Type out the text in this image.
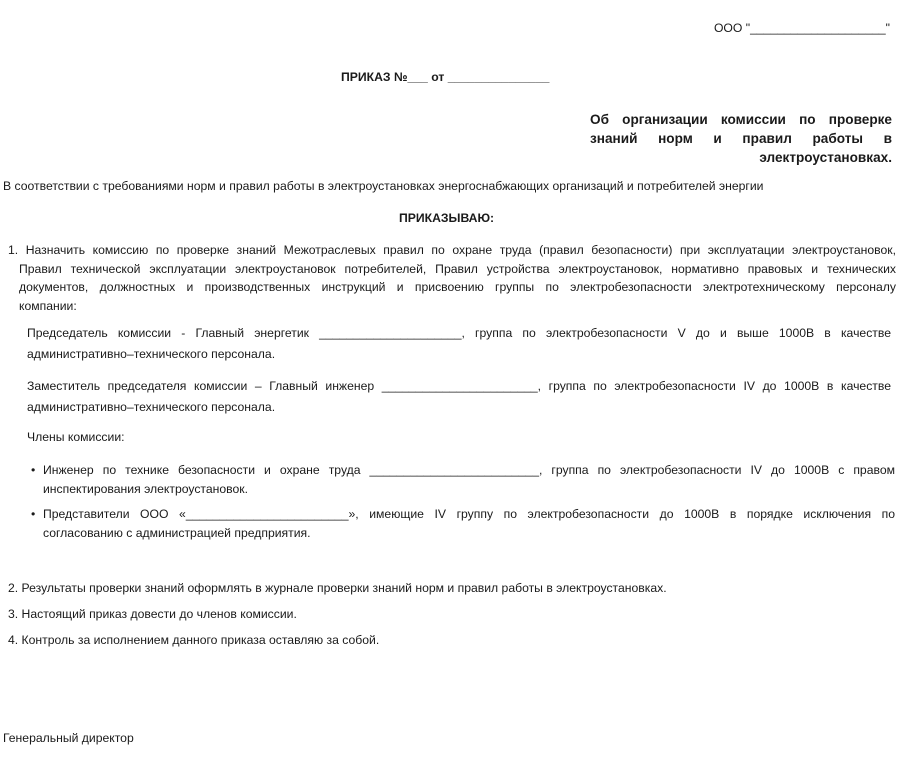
ООО "____________________"
ПРИКАЗ №___ от _______________
Об организации комиссии по проверке
знаний норм и правил работы в
электроустановках.
В соответствии с требованиями норм и правил работы в электроустановках энергоснабжающих организаций и потребителей энергии
ПРИКАЗЫВАЮ:
1. Назначить комиссию по проверке знаний Межотраслевых правил по охране труда (правил безопасности) при эксплуатации электроустановок,
Правил технической эксплуатации электроустановок потребителей, Правил устройства электроустановок, нормативно правовых и технических
документов, должностных и производственных инструкций и присвоению группы по электробезопасности электротехническому персоналу
компании:
Председатель комиссии - Главный энергетик _____________________, группа по электробезопасности V до и выше 1000В в качестве
административно–технического персонала.
Заместитель председателя комиссии – Главный инженер _______________________, группа по электробезопасности IV до 1000В в качестве
административно–технического персонала.
Члены комиссии:
• Инженер по технике безопасности и охране труда _________________________, группа по электробезопасности IV до 1000В с правом
инспектирования электроустановок.
• Представители ООО «________________________», имеющие IV группу по электробезопасности до 1000В в порядке исключения по
согласованию с администрацией предприятия.
2. Результаты проверки знаний оформлять в журнале проверки знаний норм и правил работы в электроустановках.
3. Настоящий приказ довести до членов комиссии.
4. Контроль за исполнением данного приказа оставляю за собой.
Генеральный директор
